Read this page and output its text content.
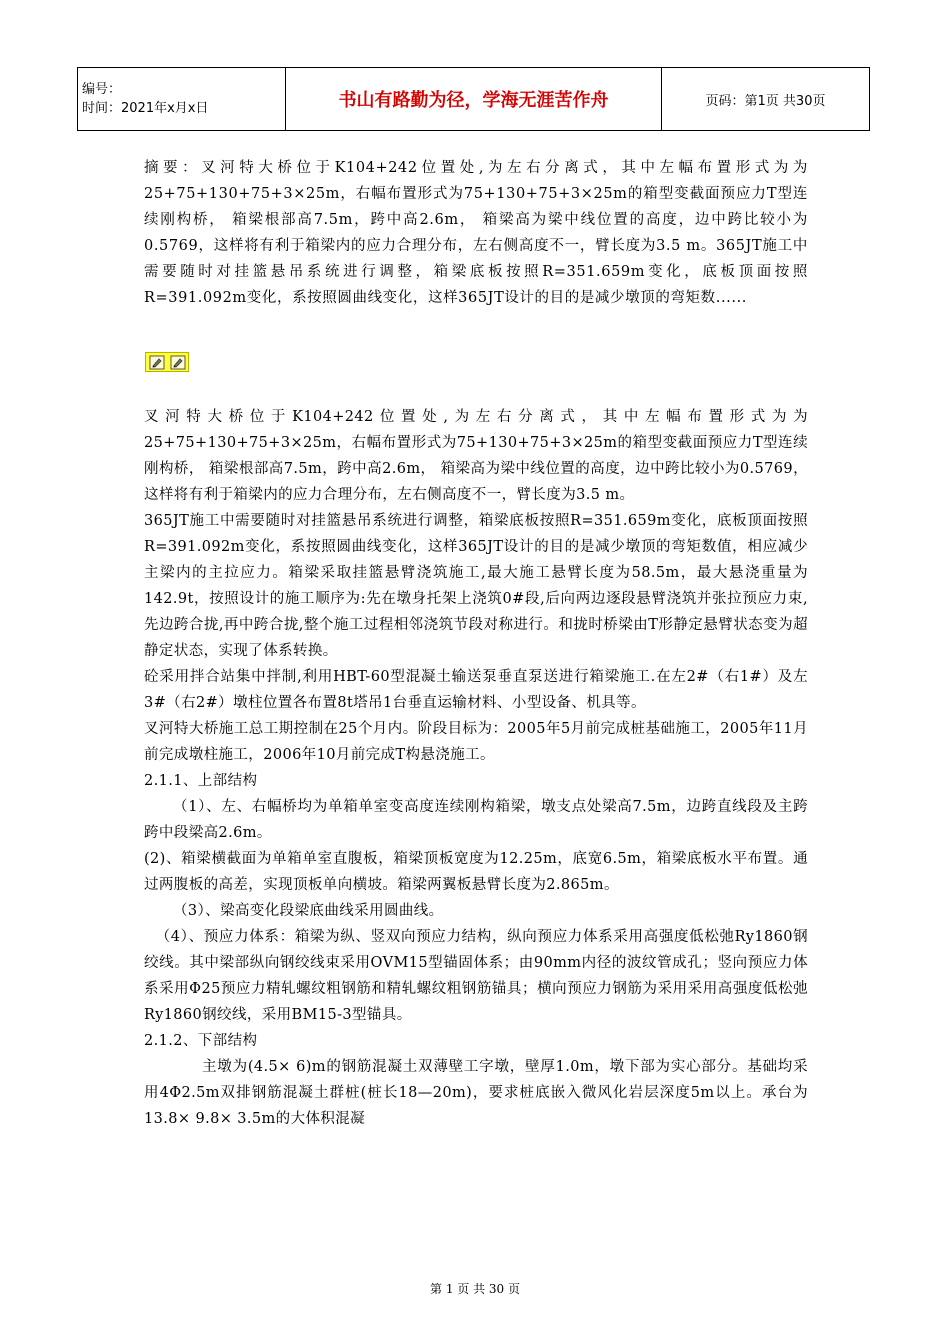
编号：
时间：2021年x月x日	书山有路勤为径，学海无涯苦作舟	页码：第1页 共30页

摘要：叉河特大桥位于K104+242位置处,为左右分离式，其中左幅布置形式为为25+75+130+75+3×25m，右幅布置形式为75+130+75+3×25m的箱型变截面预应力T型连续刚构桥， 箱梁根部高7.5m，跨中高2.6m， 箱梁高为梁中线位置的高度，边中跨比较小为0.5769，这样将有利于箱梁内的应力合理分布，左右侧高度不一，臂长度为3.5 m。365JT施工中需要随时对挂篮悬吊系统进行调整，箱梁底板按照R=351.659m变化，底板顶面按照R=391.092m变化，系按照圆曲线变化，这样365JT设计的目的是减少墩顶的弯矩数......

叉河特大桥位于K104+242位置处,为左右分离式，其中左幅布置形式为为25+75+130+75+3×25m，右幅布置形式为75+130+75+3×25m的箱型变截面预应力T型连续刚构桥， 箱梁根部高7.5m，跨中高2.6m， 箱梁高为梁中线位置的高度，边中跨比较小为0.5769，这样将有利于箱梁内的应力合理分布，左右侧高度不一，臂长度为3.5 m。

365JT施工中需要随时对挂篮悬吊系统进行调整，箱梁底板按照R=351.659m变化，底板顶面按照R=391.092m变化，系按照圆曲线变化，这样365JT设计的目的是减少墩顶的弯矩数值，相应减少主梁内的主拉应力。箱梁采取挂篮悬臂浇筑施工,最大施工悬臂长度为58.5m，最大悬浇重量为142.9t，按照设计的施工顺序为:先在墩身托架上浇筑0#段,后向两边逐段悬臂浇筑并张拉预应力束,先边跨合拢,再中跨合拢,整个施工过程相邻浇筑节段对称进行。和拢时桥梁由T形静定悬臂状态变为超静定状态，实现了体系转换。

砼采用拌合站集中拌制,利用HBT-60型混凝土输送泵垂直泵送进行箱梁施工.在左2#（右1#）及左3#（右2#）墩柱位置各布置8t塔吊1台垂直运输材料、小型设备、机具等。

叉河特大桥施工总工期控制在25个月内。阶段目标为：2005年5月前完成桩基础施工，2005年11月前完成墩柱施工，2006年10月前完成T构悬浇施工。

2.1.1、上部结构

（1）、左、右幅桥均为单箱单室变高度连续刚构箱梁，墩支点处梁高7.5m，边跨直线段及主跨跨中段梁高2.6m。

(2)、箱梁横截面为单箱单室直腹板，箱梁顶板宽度为12.25m，底宽6.5m，箱梁底板水平布置。通过两腹板的高差，实现顶板单向横坡。箱梁两翼板悬臂长度为2.865m。

（3）、梁高变化段梁底曲线采用圆曲线。

（4）、预应力体系：箱梁为纵、竖双向预应力结构，纵向预应力体系采用高强度低松弛Ry1860钢绞线。其中梁部纵向钢绞线束采用OVM15型锚固体系；由90mm内径的波纹管成孔；竖向预应力体系采用Φ25预应力精轧螺纹粗钢筋和精轧螺纹粗钢筋锚具；横向预应力钢筋为采用采用高强度低松弛Ry1860钢绞线，采用BM15-3型锚具。

2.1.2、下部结构

主墩为(4.5× 6)m的钢筋混凝土双薄壁工字墩，壁厚1.0m，墩下部为实心部分。基础均采用4Φ2.5m双排钢筋混凝土群桩(桩长18—20m)，要求桩底嵌入微风化岩层深度5m以上。承台为13.8× 9.8× 3.5m的大体积混凝

第 1 页 共 30 页
